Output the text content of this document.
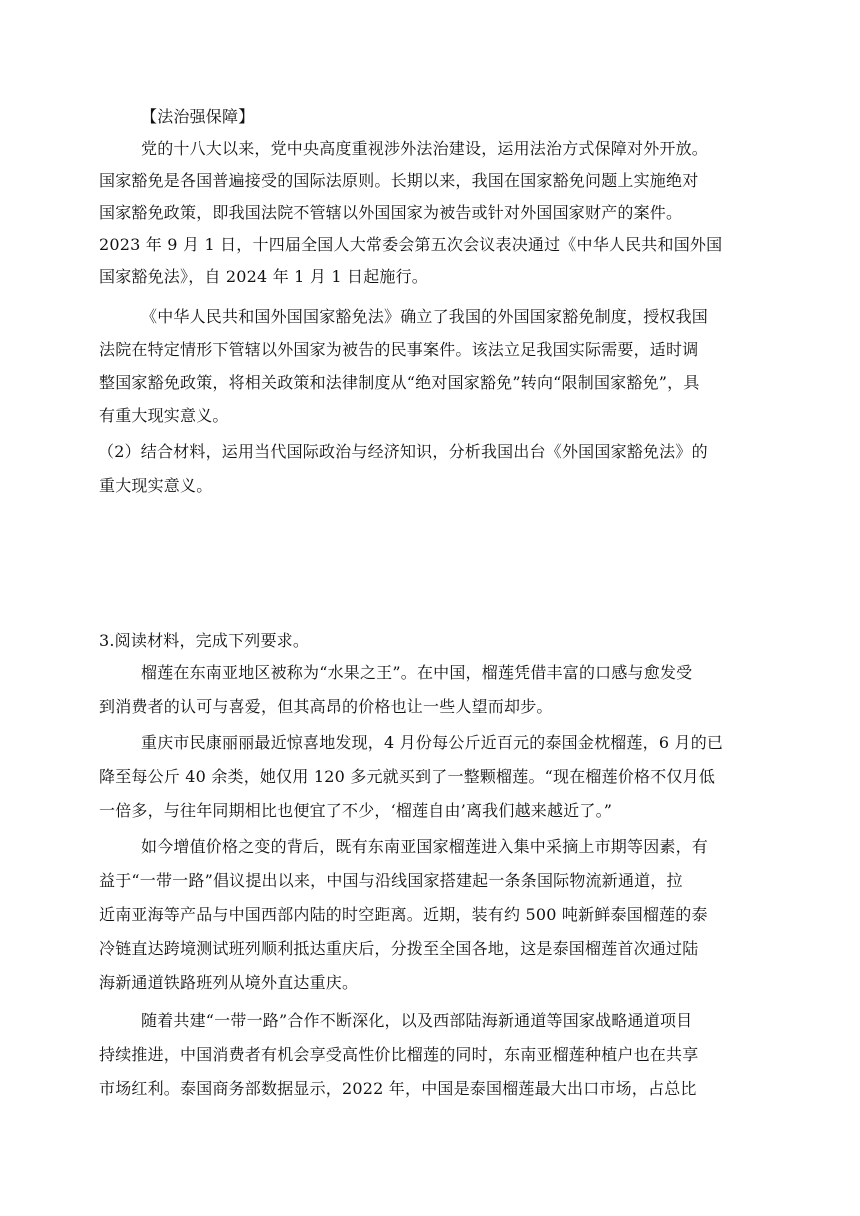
【法治强保障】
党的十八大以来，党中央高度重视涉外法治建设，运用法治方式保障对外开放。
国家豁免是各国普遍接受的国际法原则。长期以来，我国在国家豁免问题上实施绝对
国家豁免政策，即我国法院不管辖以外国国家为被告或针对外国国家财产的案件。
2023 年 9 月 1 日，十四届全国人大常委会第五次会议表决通过《中华人民共和国外国
国家豁免法》，自 2024 年 1 月 1 日起施行。
《中华人民共和国外国国家豁免法》确立了我国的外国国家豁免制度，授权我国
法院在特定情形下管辖以外国家为被告的民事案件。该法立足我国实际需要，适时调
整国家豁免政策，将相关政策和法律制度从“绝对国家豁免”转向“限制国家豁免”，具
有重大现实意义。
（2）结合材料，运用当代国际政治与经济知识，分析我国出台《外国国家豁免法》的
重大现实意义。
3.阅读材料，完成下列要求。
榴莲在东南亚地区被称为“水果之王”。在中国，榴莲凭借丰富的口感与愈发受
到消费者的认可与喜爱，但其高昂的价格也让一些人望而却步。
重庆市民康丽丽最近惊喜地发现，4 月份每公斤近百元的泰国金枕榴莲，6 月的已
降至每公斤 40 余类，她仅用 120 多元就买到了一整颗榴莲。“现在榴莲价格不仅月低
一倍多，与往年同期相比也便宜了不少，‘榴莲自由’离我们越来越近了。”
如今增值价格之变的背后，既有东南亚国家榴莲进入集中采摘上市期等因素，有
益于“一带一路”倡议提出以来，中国与沿线国家搭建起一条条国际物流新通道，拉
近南亚海等产品与中国西部内陆的时空距离。近期，装有约 500 吨新鲜泰国榴莲的泰
冷链直达跨境测试班列顺利抵达重庆后，分拨至全国各地，这是泰国榴莲首次通过陆
海新通道铁路班列从境外直达重庆。
随着共建“一带一路”合作不断深化，以及西部陆海新通道等国家战略通道项目
持续推进，中国消费者有机会享受高性价比榴莲的同时，东南亚榴莲种植户也在共享
市场红利。泰国商务部数据显示，2022 年，中国是泰国榴莲最大出口市场，占总比
